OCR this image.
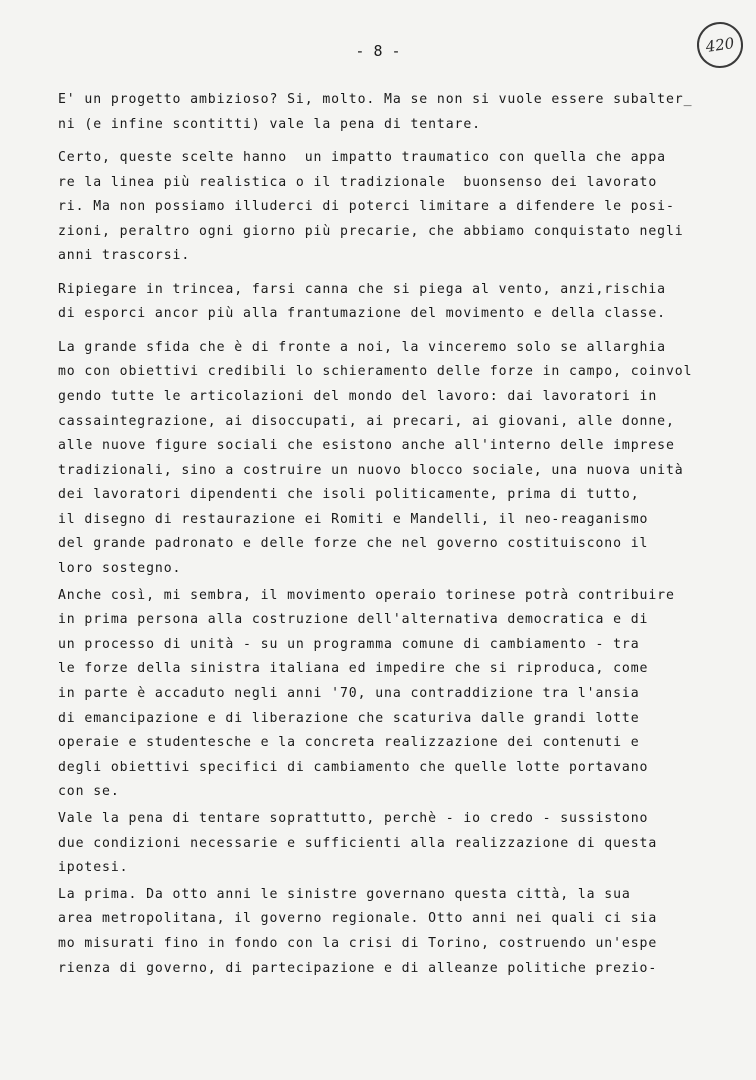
- 8 -	420
E' un progetto ambizioso? Si, molto. Ma se non si vuole essere subalter_
ni (e infine scontitti) vale la pena di tentare.
Certo, queste scelte hanno  un impatto traumatico con quella che appa
re la linea più realistica o il tradizionale  buonsenso dei lavorato
ri. Ma non possiamo illuderci di poterci limitare a difendere le posi-
zioni, peraltro ogni giorno più precarie, che abbiamo conquistato negli
anni trascorsi.
Ripiegare in trincea, farsi canna che si piega al vento, anzi,rischia
di esporci ancor più alla frantumazione del movimento e della classe.
La grande sfida che è di fronte a noi, la vinceremo solo se allarghia
mo con obiettivi credibili lo schieramento delle forze in campo, coinvol
gendo tutte le articolazioni del mondo del lavoro: dai lavoratori in
cassaintegrazione, ai disoccupati, ai precari, ai giovani, alle donne,
alle nuove figure sociali che esistono anche all'interno delle imprese
tradizionali, sino a costruire un nuovo blocco sociale, una nuova unità
dei lavoratori dipendenti che isoli politicamente, prima di tutto,
il disegno di restaurazione ei Romiti e Mandelli, il neo-reaganismo
del grande padronato e delle forze che nel governo costituiscono il
loro sostegno.
Anche così, mi sembra, il movimento operaio torinese potrà contribuire
in prima persona alla costruzione dell'alternativa democratica e di
un processo di unità - su un programma comune di cambiamento - tra
le forze della sinistra italiana ed impedire che si riproduca, come
in parte è accaduto negli anni '70, una contraddizione tra l'ansia
di emancipazione e di liberazione che scaturiva dalle grandi lotte
operaie e studentesche e la concreta realizzazione dei contenuti e
degli obiettivi specifici di cambiamento che quelle lotte portavano
con se.
Vale la pena di tentare soprattutto, perchè - io credo - sussistono
due condizioni necessarie e sufficienti alla realizzazione di questa
ipotesi.
La prima. Da otto anni le sinistre governano questa città, la sua
area metropolitana, il governo regionale. Otto anni nei quali ci sia
mo misurati fino in fondo con la crisi di Torino, costruendo un'espe
rienza di governo, di partecipazione e di alleanze politiche prezio-
